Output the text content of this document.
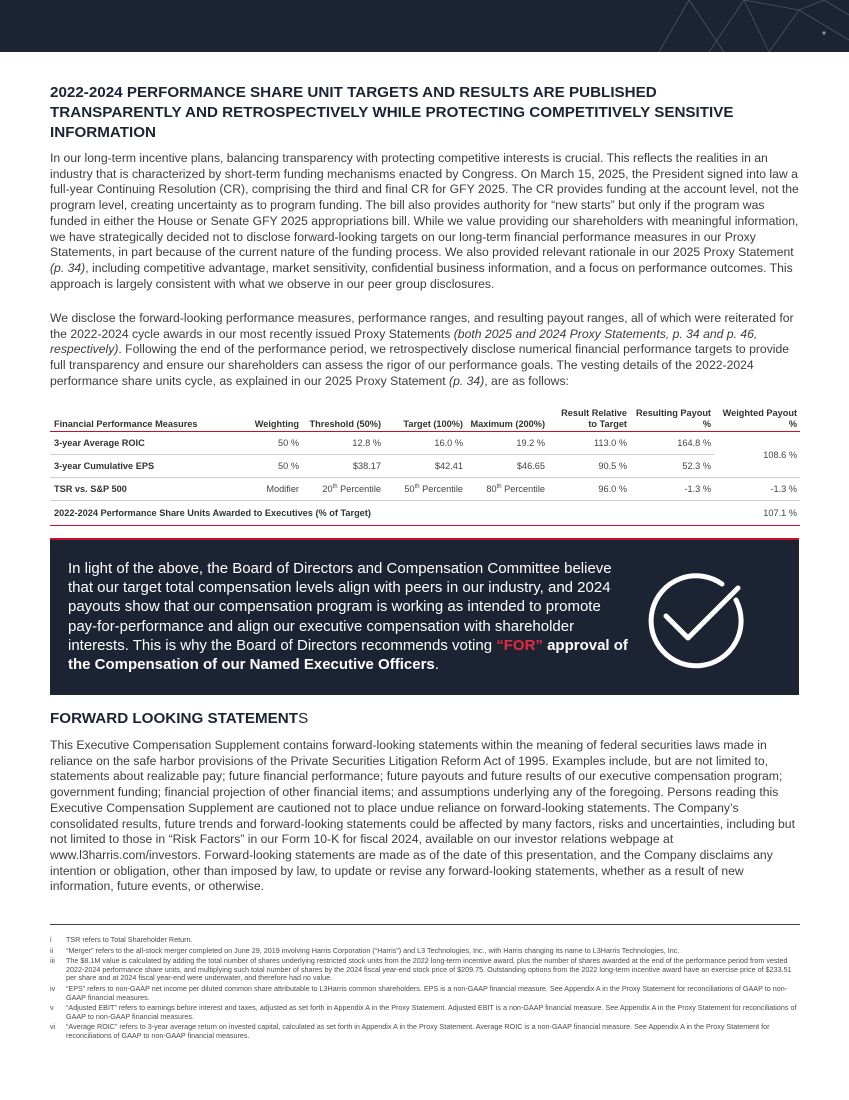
2022-2024 PERFORMANCE SHARE UNIT TARGETS AND RESULTS ARE PUBLISHED TRANSPARENTLY AND RETROSPECTIVELY WHILE PROTECTING COMPETITIVELY SENSITIVE INFORMATION

In our long-term incentive plans, balancing transparency with protecting competitive interests is crucial. This reflects the realities in an industry that is characterized by short-term funding mechanisms enacted by Congress. On March 15, 2025, the President signed into law a full-year Continuing Resolution (CR), comprising the third and final CR for GFY 2025. The CR provides funding at the account level, not the program level, creating uncertainty as to program funding. The bill also provides authority for “new starts” but only if the program was funded in either the House or Senate GFY 2025 appropriations bill. While we value providing our shareholders with meaningful information, we have strategically decided not to disclose forward-looking targets on our long-term financial performance measures in our Proxy Statements, in part because of the current nature of the funding process. We also provided relevant rationale in our 2025 Proxy Statement (p. 34), including competitive advantage, market sensitivity, confidential business information, and a focus on performance outcomes. This approach is largely consistent with what we observe in our peer group disclosures.

We disclose the forward-looking performance measures, performance ranges, and resulting payout ranges, all of which were reiterated for the 2022-2024 cycle awards in our most recently issued Proxy Statements (both 2025 and 2024 Proxy Statements, p. 34 and p. 46, respectively). Following the end of the performance period, we retrospectively disclose numerical financial performance targets to provide full transparency and ensure our shareholders can assess the rigor of our performance goals. The vesting details of the 2022-2024 performance share units cycle, as explained in our 2025 Proxy Statement (p. 34), are as follows:

Financial Performance Measures	Weighting	Threshold (50%)	Target (100%)	Maximum (200%)	Result Relative to Target	Resulting Payout %	Weighted Payout %
3-year Average ROIC	50 %	12.8 %	16.0 %	19.2 %	113.0 %	164.8 %	108.6 %
3-year Cumulative EPS	50 %	$38.17	$42.41	$46.65	90.5 %	52.3 %	
TSR vs. S&P 500	Modifier	20th Percentile	50th Percentile	80th Percentile	96.0 %	-1.3 %	-1.3 %
2022-2024 Performance Share Units Awarded to Executives (% of Target)							107.1 %

In light of the above, the Board of Directors and Compensation Committee believe that our target total compensation levels align with peers in our industry, and 2024 payouts show that our compensation program is working as intended to promote pay-for-performance and align our executive compensation with shareholder interests. This is why the Board of Directors recommends voting “FOR” approval of the Compensation of our Named Executive Officers.

FORWARD LOOKING STATEMENTS

This Executive Compensation Supplement contains forward-looking statements within the meaning of federal securities laws made in reliance on the safe harbor provisions of the Private Securities Litigation Reform Act of 1995. Examples include, but are not limited to, statements about realizable pay; future financial performance; future payouts and future results of our executive compensation program; government funding; financial projection of other financial items; and assumptions underlying any of the foregoing. Persons reading this Executive Compensation Supplement are cautioned not to place undue reliance on forward-looking statements. The Company’s consolidated results, future trends and forward-looking statements could be affected by many factors, risks and uncertainties, including but not limited to those in “Risk Factors” in our Form 10-K for fiscal 2024, available on our investor relations webpage at www.l3harris.com/investors. Forward-looking statements are made as of the date of this presentation, and the Company disclaims any intention or obligation, other than imposed by law, to update or revise any forward-looking statements, whether as a result of new information, future events, or otherwise.

i TSR refers to Total Shareholder Return.
ii “Merger” refers to the all-stock merger completed on June 29, 2019 involving Harris Corporation (“Harris”) and L3 Technologies, Inc., with Harris changing its name to L3Harris Technologies, Inc.
iii The $8.1M value is calculated by adding the total number of shares underlying restricted stock units from the 2022 long-term incentive award, plus the number of shares awarded at the end of the performance period from vested 2022-2024 performance share units, and multiplying such total number of shares by the 2024 fiscal year-end stock price of $209.75. Outstanding options from the 2022 long-term incentive award have an exercise price of $233.51 per share and at 2024 fiscal year-end were underwater, and therefore had no value.
iv “EPS” refers to non-GAAP net income per diluted common share attributable to L3Harris common shareholders. EPS is a non-GAAP financial measure. See Appendix A in the Proxy Statement for reconciliations of GAAP to non-GAAP financial measures.
v “Adjusted EBIT” refers to earnings before interest and taxes, adjusted as set forth in Appendix A in the Proxy Statement. Adjusted EBIT is a non-GAAP financial measure. See Appendix A in the Proxy Statement for reconciliations of GAAP to non-GAAP financial measures.
vi “Average ROIC” refers to 3-year average return on invested capital, calculated as set forth in Appendix A in the Proxy Statement. Average ROIC is a non-GAAP financial measure. See Appendix A in the Proxy Statement for reconciliations of GAAP to non-GAAP financial measures.
